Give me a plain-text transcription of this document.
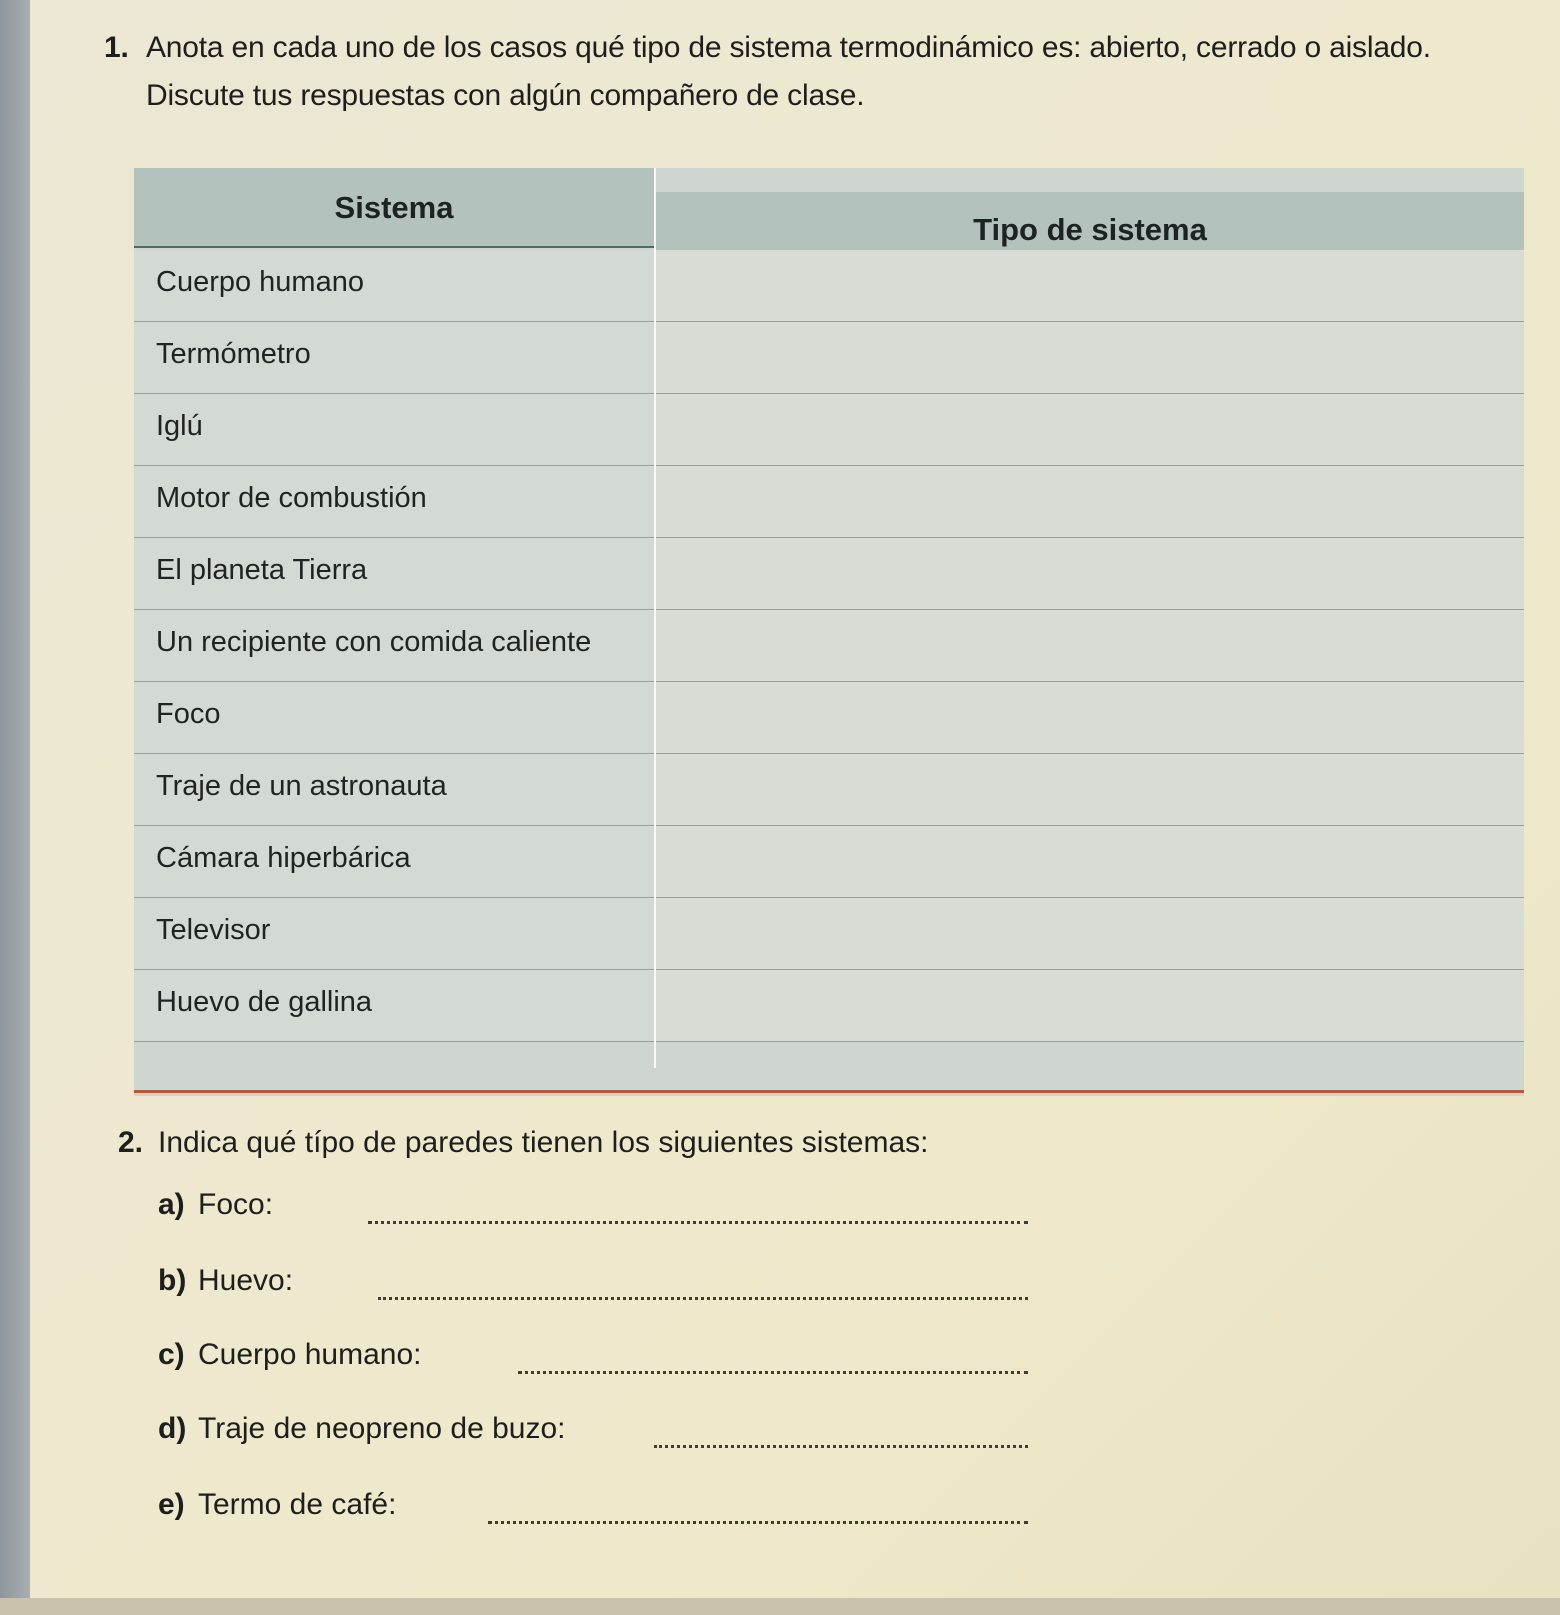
1. Anota en cada uno de los casos qué tipo de sistema termodinámico es: abierto, cerrado o aislado.
Discute tus respuestas con algún compañero de clase.
Sistema
Tipo de sistema
Cuerpo humano
Termómetro
Iglú
Motor de combustión
El planeta Tierra
Un recipiente con comida caliente
Foco
Traje de un astronauta
Cámara hiperbárica
Televisor
Huevo de gallina
2. Indica qué típo de paredes tienen los siguientes sistemas:
a) Foco:
b) Huevo:
c) Cuerpo humano:
d) Traje de neopreno de buzo:
e) Termo de café:
